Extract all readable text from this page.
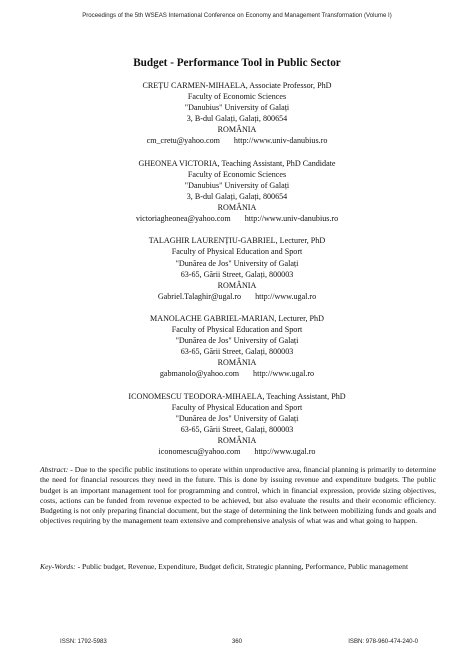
Proceedings of the 5th WSEAS International Conference on Economy and Management Transformation (Volume I)
Budget - Performance Tool in Public Sector
CREȚU CARMEN-MIHAELA, Associate Professor, PhD
Faculty of Economic Sciences
"Danubius" University of Galați
3, B-dul Galați, Galați, 800654
ROMÂNIA
cm_cretu@yahoo.com http://www.univ-danubius.ro
GHEONEA VICTORIA, Teaching Assistant, PhD Candidate
Faculty of Economic Sciences
"Danubius" University of Galați
3, B-dul Galați, Galați, 800654
ROMÂNIA
victoriagheonea@yahoo.com http://www.univ-danubius.ro
TALAGHIR LAURENȚIU-GABRIEL, Lecturer, PhD
Faculty of Physical Education and Sport
"Dunărea de Jos" University of Galați
63-65, Gării Street, Galați, 800003
ROMÂNIA
Gabriel.Talaghir@ugal.ro http://www.ugal.ro
MANOLACHE GABRIEL-MARIAN, Lecturer, PhD
Faculty of Physical Education and Sport
"Dunărea de Jos" University of Galați
63-65, Gării Street, Galați, 800003
ROMÂNIA
gabmanolo@yahoo.com http://www.ugal.ro
ICONOMESCU TEODORA-MIHAELA, Teaching Assistant, PhD
Faculty of Physical Education and Sport
"Dunărea de Jos" University of Galați
63-65, Gării Street, Galați, 800003
ROMÂNIA
iconomescu@yahoo.com http://www.ugal.ro
Abstract: - Due to the specific public institutions to operate within unproductive area, financial planning is primarily to determine the need for financial resources they need in the future. This is done by issuing revenue and expenditure budgets. The public budget is an important management tool for programming and control, which in financial expression, provide sizing objectives, costs, actions can be funded from revenue expected to be achieved, but also evaluate the results and their economic efficiency. Budgeting is not only preparing financial document, but the stage of determining the link between mobilizing funds and goals and objectives requiring by the management team extensive and comprehensive analysis of what was and what going to happen.
Key-Words: - Public budget, Revenue, Expenditure, Budget deficit, Strategic planning, Performance, Public management
ISSN: 1792-5983	360	ISBN: 978-960-474-240-0
